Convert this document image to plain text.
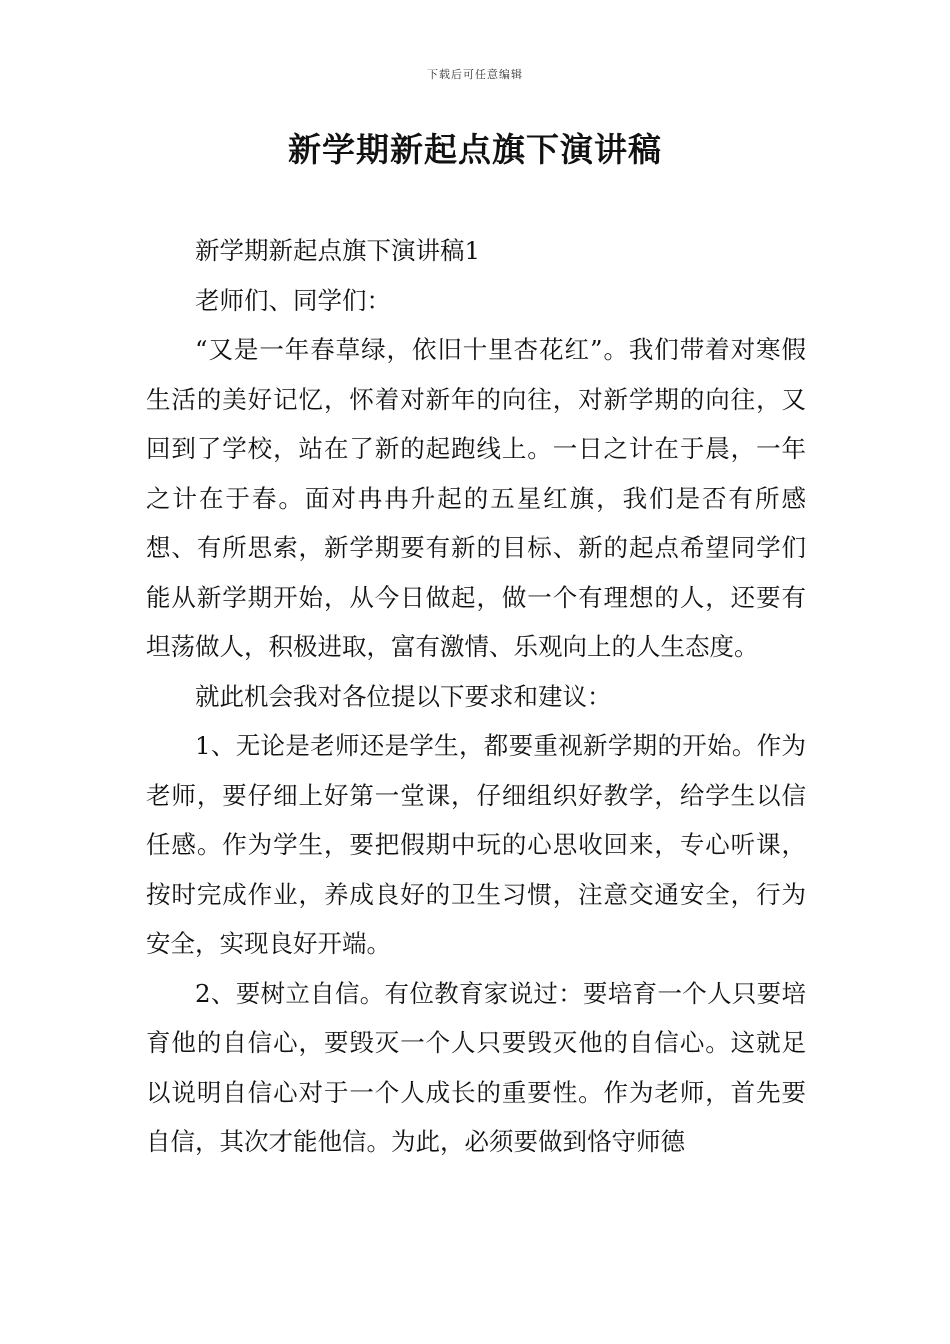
下载后可任意编辑
新学期新起点旗下演讲稿

新学期新起点旗下演讲稿1

老师们、同学们：

“又是一年春草绿，依旧十里杏花红”。我们带着对寒假生活的美好记忆，怀着对新年的向往，对新学期的向往，又回到了学校，站在了新的起跑线上。一日之计在于晨，一年之计在于春。面对冉冉升起的五星红旗，我们是否有所感想、有所思索，新学期要有新的目标、新的起点希望同学们能从新学期开始，从今日做起，做一个有理想的人，还要有坦荡做人，积极进取，富有激情、乐观向上的人生态度。

就此机会我对各位提以下要求和建议：

1、无论是老师还是学生，都要重视新学期的开始。作为老师，要仔细上好第一堂课，仔细组织好教学，给学生以信任感。作为学生，要把假期中玩的心思收回来，专心听课，按时完成作业，养成良好的卫生习惯，注意交通安全，行为安全，实现良好开端。

2、要树立自信。有位教育家说过：要培育一个人只要培育他的自信心，要毁灭一个人只要毁灭他的自信心。这就足以说明自信心对于一个人成长的重要性。作为老师，首先要自信，其次才能他信。为此，必须要做到恪守师德
